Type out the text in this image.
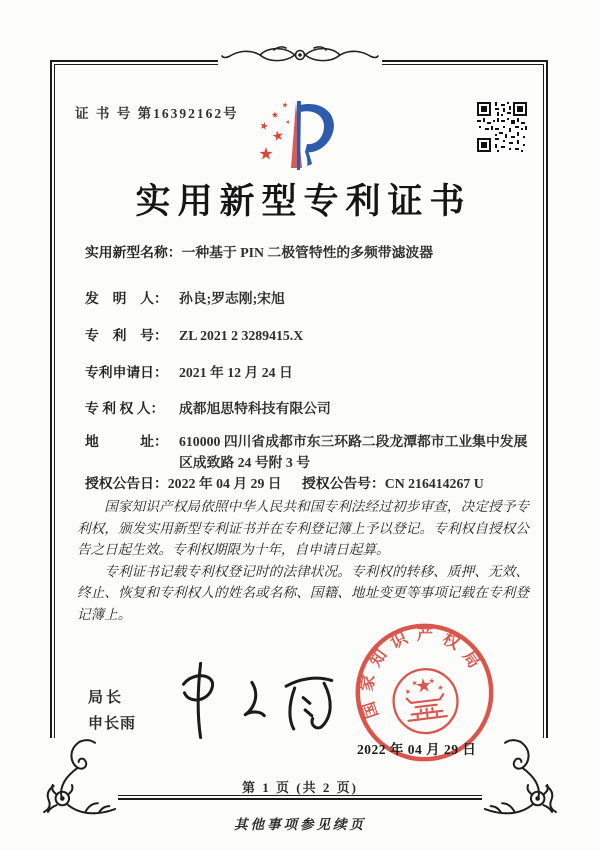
证 书 号 第16392162号
实用新型专利证书
实用新型名称： 一种基于 PIN 二极管特性的多频带滤波器
发　明　人： 孙良;罗志刚;宋旭
专　利　号： ZL 2021 2 3289415.X
专利申请日： 2021 年 12 月 24 日
专 利 权 人：	成都旭思特科技有限公司
地　　　址： 610000 四川省成都市东三环路二段龙潭都市工业集中发展区成致路 24 号附 3 号
授权公告日：2022 年 04 月 29 日 授权公告号：CN 216414267 U

国家知识产权局依照中华人民共和国专利法经过初步审查，决定授予专利权，颁发实用新型专利证书并在专利登记簿上予以登记。专利权自授权公告之日起生效。专利权期限为十年，自申请日起算。

专利证书记载专利权登记时的法律状况。专利权的转移、质押、无效、终止、恢复和专利权人的姓名或名称、国籍、地址变更等事项记载在专利登记簿上。

局长
申长雨
国家知识产权局
2022 年 04 月 29 日
第 1 页 (共 2 页)
其他事项参见续页
